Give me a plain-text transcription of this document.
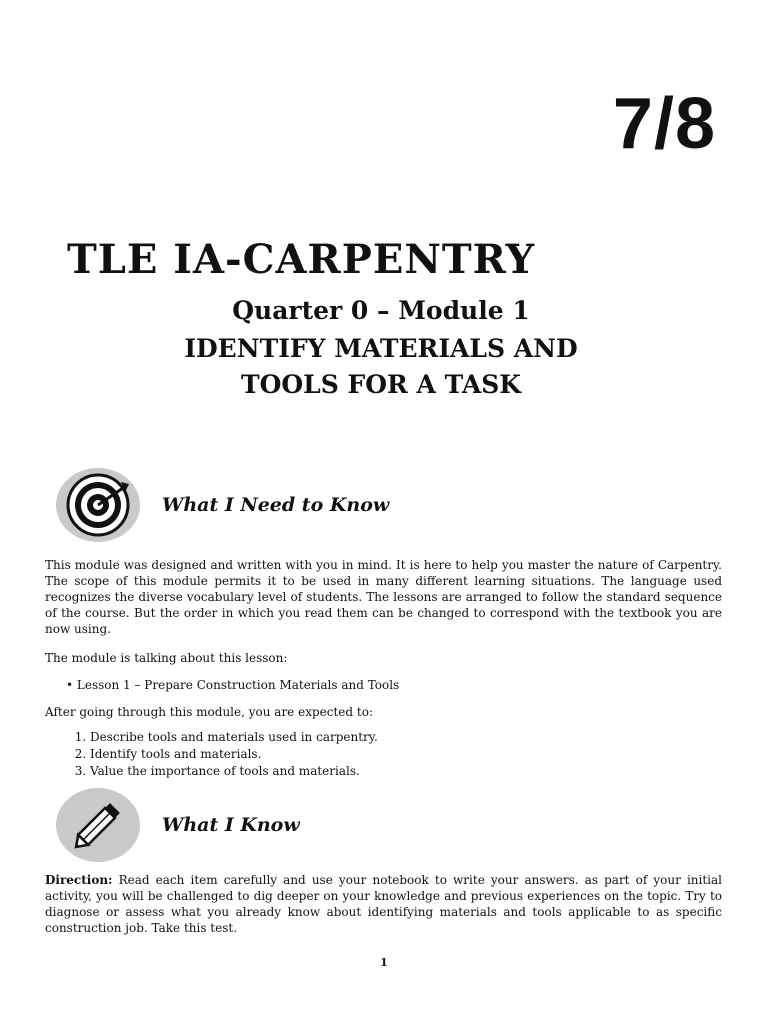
7/8
TLE IA-CARPENTRY
Quarter 0 – Module 1
IDENTIFY MATERIALS AND
TOOLS FOR A TASK
What I Need to Know

This module was designed and written with you in mind. It is here to help you master the nature of Carpentry. The scope of this module permits it to be used in many different learning situations. The language used recognizes the diverse vocabulary level of students. The lessons are arranged to follow the standard sequence of the course. But the order in which you read them can be changed to correspond with the textbook you are now using.

The module is talking about this lesson:

• Lesson 1 – Prepare Construction Materials and Tools

After going through this module, you are expected to:

1. Describe tools and materials used in carpentry.
2. Identify tools and materials.
3. Value the importance of tools and materials.
What I Know

Direction: Read each item carefully and use your notebook to write your answers. as part of your initial activity, you will be challenged to dig deeper on your knowledge and previous experiences on the topic. Try to diagnose or assess what you already know about identifying materials and tools applicable to as specific construction job. Take this test.

1
